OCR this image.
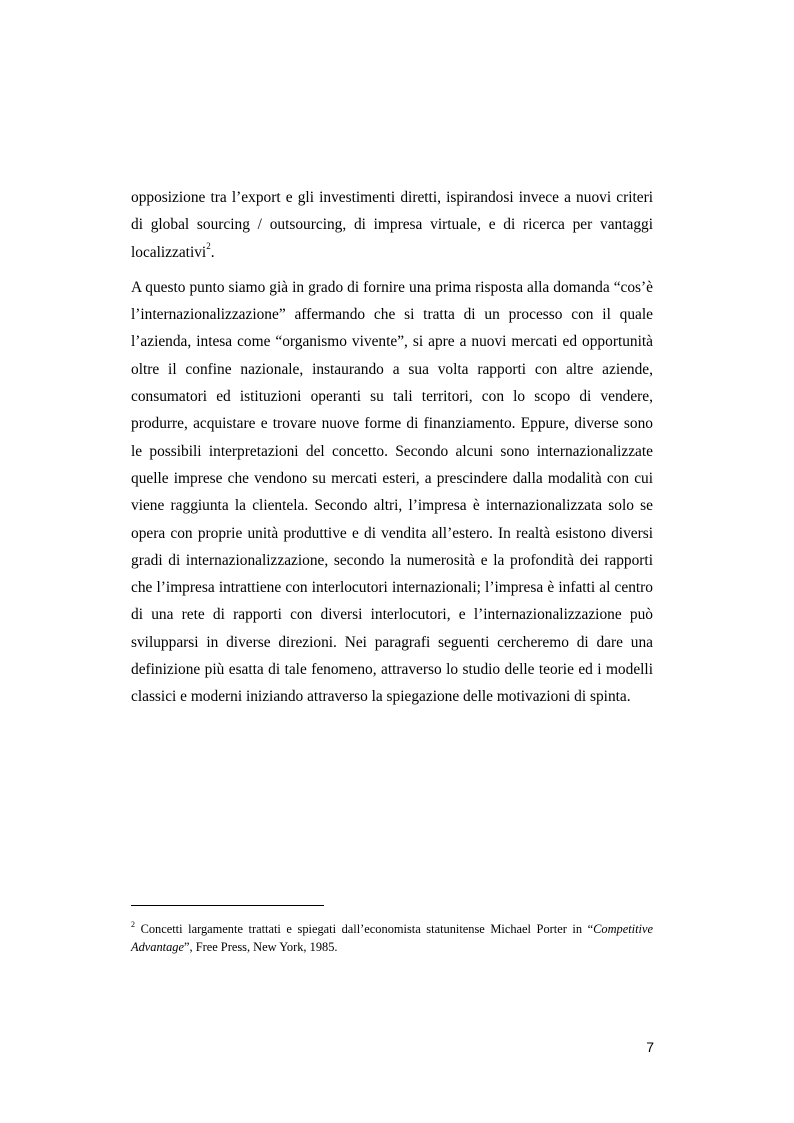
opposizione tra l’export e gli investimenti diretti, ispirandosi invece a nuovi criteri di global sourcing / outsourcing, di impresa virtuale, e di ricerca per vantaggi localizzativi$^2$.

A questo punto siamo già in grado di fornire una prima risposta alla domanda “cos’è l’internazionalizzazione” affermando che si tratta di un processo con il quale l’azienda, intesa come “organismo vivente”, si apre a nuovi mercati ed opportunità oltre il confine nazionale, instaurando a sua volta rapporti con altre aziende, consumatori ed istituzioni operanti su tali territori, con lo scopo di vendere, produrre, acquistare e trovare nuove forme di finanziamento. Eppure, diverse sono le possibili interpretazioni del concetto. Secondo alcuni sono internazionalizzate quelle imprese che vendono su mercati esteri, a prescindere dalla modalità con cui viene raggiunta la clientela. Secondo altri, l’impresa è internazionalizzata solo se opera con proprie unità produttive e di vendita all’estero. In realtà esistono diversi gradi di internazionalizzazione, secondo la numerosità e la profondità dei rapporti che l’impresa intrattiene con interlocutori internazionali; l’impresa è infatti al centro di una rete di rapporti con diversi interlocutori, e l’internazionalizzazione può svilupparsi in diverse direzioni. Nei paragrafi seguenti cercheremo di dare una definizione più esatta di tale fenomeno, attraverso lo studio delle teorie ed i modelli classici e moderni iniziando attraverso la spiegazione delle motivazioni di spinta.

$^2$ Concetti largamente trattati e spiegati dall’economista statunitense Michael Porter in “Competitive Advantage”, Free Press, New York, 1985.
7
